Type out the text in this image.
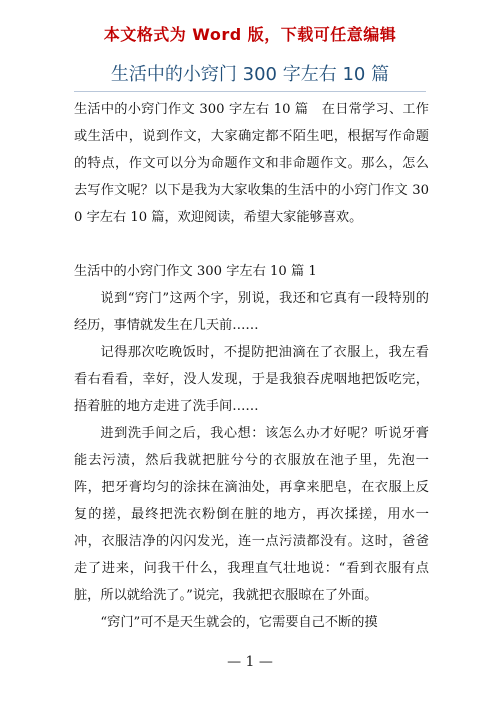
本文格式为 Word 版，下载可任意编辑
生活中的小窍门 300 字左右 10 篇

生活中的小窍门作文 300 字左右 10 篇　在日常学习、工作或生活中，说到作文，大家确定都不陌生吧，根据写作命题的特点，作文可以分为命题作文和非命题作文。那么，怎么去写作文呢？以下是我为大家收集的生活中的小窍门作文 300 字左右 10 篇，欢迎阅读，希望大家能够喜欢。

生活中的小窍门作文 300 字左右 10 篇 1

说到“窍门”这两个字，别说，我还和它真有一段特别的经历，事情就发生在几天前……

记得那次吃晚饭时，不提防把油滴在了衣服上，我左看看右看看，幸好，没人发现，于是我狼吞虎咽地把饭吃完，捂着脏的地方走进了洗手间……

进到洗手间之后，我心想：该怎么办才好呢？听说牙膏能去污渍，然后我就把脏兮兮的衣服放在池子里，先泡一阵，把牙膏均匀的涂抹在滴油处，再拿来肥皂，在衣服上反复的搓，最终把洗衣粉倒在脏的地方，再次揉搓，用水一冲，衣服洁净的闪闪发光，连一点污渍都没有。这时，爸爸走了进来，问我干什么，我理直气壮地说：“看到衣服有点脏，所以就给洗了。”说完，我就把衣服晾在了外面。

“窍门”可不是天生就会的，它需要自己不断的摸

— 1 —
